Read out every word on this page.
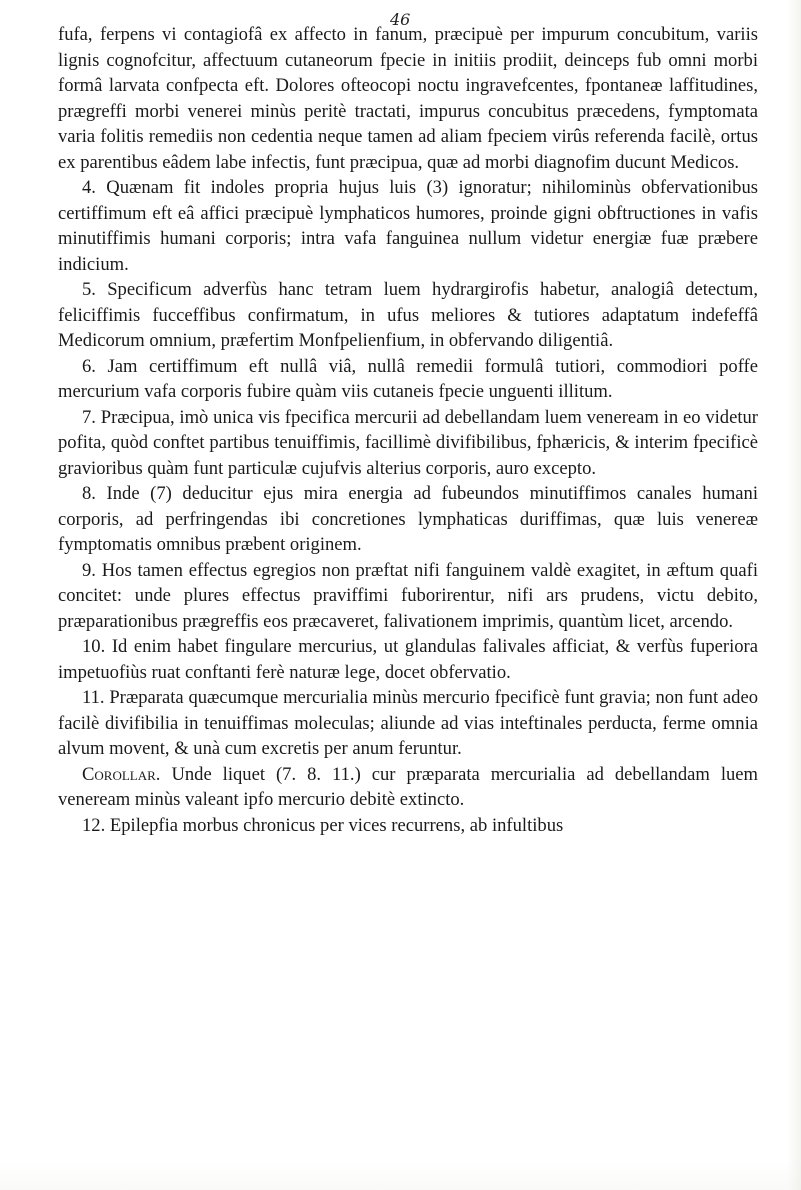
46

fufa, ferpens vi contagiofâ ex affecto in fanum, præcipuè per impurum concubitum, variis lignis cognofcitur, affectuum cutaneorum fpecie in initiis prodiit, deinceps fub omni morbi formâ larvata confpecta eft. Dolores ofteocopi noctu ingravefcentes, fpontaneæ laffitudines, prægreffi morbi venerei minùs peritè tractati, impurus concubitus præcedens, fymptomata varia folitis remediis non cedentia neque tamen ad aliam fpeciem virûs referenda facilè, ortus ex parentibus eâdem labe infectis, funt præcipua, quæ ad morbi diagnofim ducunt Medicos.

4. Quænam fit indoles propria hujus luis (3) ignoratur; nihilominùs obfervationibus certiffimum eft eâ affici præcipuè lymphaticos humores, proinde gigni obftructiones in vafis minutiffimis humani corporis; intra vafa fanguinea nullum videtur energiæ fuæ præbere indicium.

5. Specificum adverfùs hanc tetram luem hydrargirofis habetur, analogiâ detectum, feliciffimis fucceffibus confirmatum, in ufus meliores & tutiores adaptatum indefeffâ Medicorum omnium, præfertim Monfpelienfium, in obfervando diligentiâ.

6. Jam certiffimum eft nullâ viâ, nullâ remedii formulâ tutiori, commodiori poffe mercurium vafa corporis fubire quàm viis cutaneis fpecie unguenti illitum.

7. Præcipua, imò unica vis fpecifica mercurii ad debellandam luem veneream in eo videtur pofita, quòd conftet partibus tenuiffimis, facillimè divifibilibus, fphæricis, & interim fpecificè gravioribus quàm funt particulæ cujufvis alterius corporis, auro excepto.

8. Inde (7) deducitur ejus mira energia ad fubeundos minutiffimos canales humani corporis, ad perfringendas ibi concretiones lymphaticas duriffimas, quæ luis venereæ fymptomatis omnibus præbent originem.

9. Hos tamen effectus egregios non præftat nifi fanguinem valdè exagitet, in æftum quafi concitet: unde plures effectus praviffimi fuborirentur, nifi ars prudens, victu debito, præparationibus prægreffis eos præcaveret, falivationem imprimis, quantùm licet, arcendo.

10. Id enim habet fingulare mercurius, ut glandulas falivales afficiat, & verfùs fuperiora impetuofiùs ruat conftanti ferè naturæ lege, docet obfervatio.

11. Præparata quæcumque mercurialia minùs mercurio fpecificè funt gravia; non funt adeo facilè divifibilia in tenuiffimas moleculas; aliunde ad vias inteftinales perducta, ferme omnia alvum movent, & unà cum excretis per anum feruntur.

Corollar. Unde liquet (7. 8. 11.) cur præparata mercurialia ad debellandam luem veneream minùs valeant ipfo mercurio debitè extincto.

12. Epilepfia morbus chronicus per vices recurrens, ab infultibus
